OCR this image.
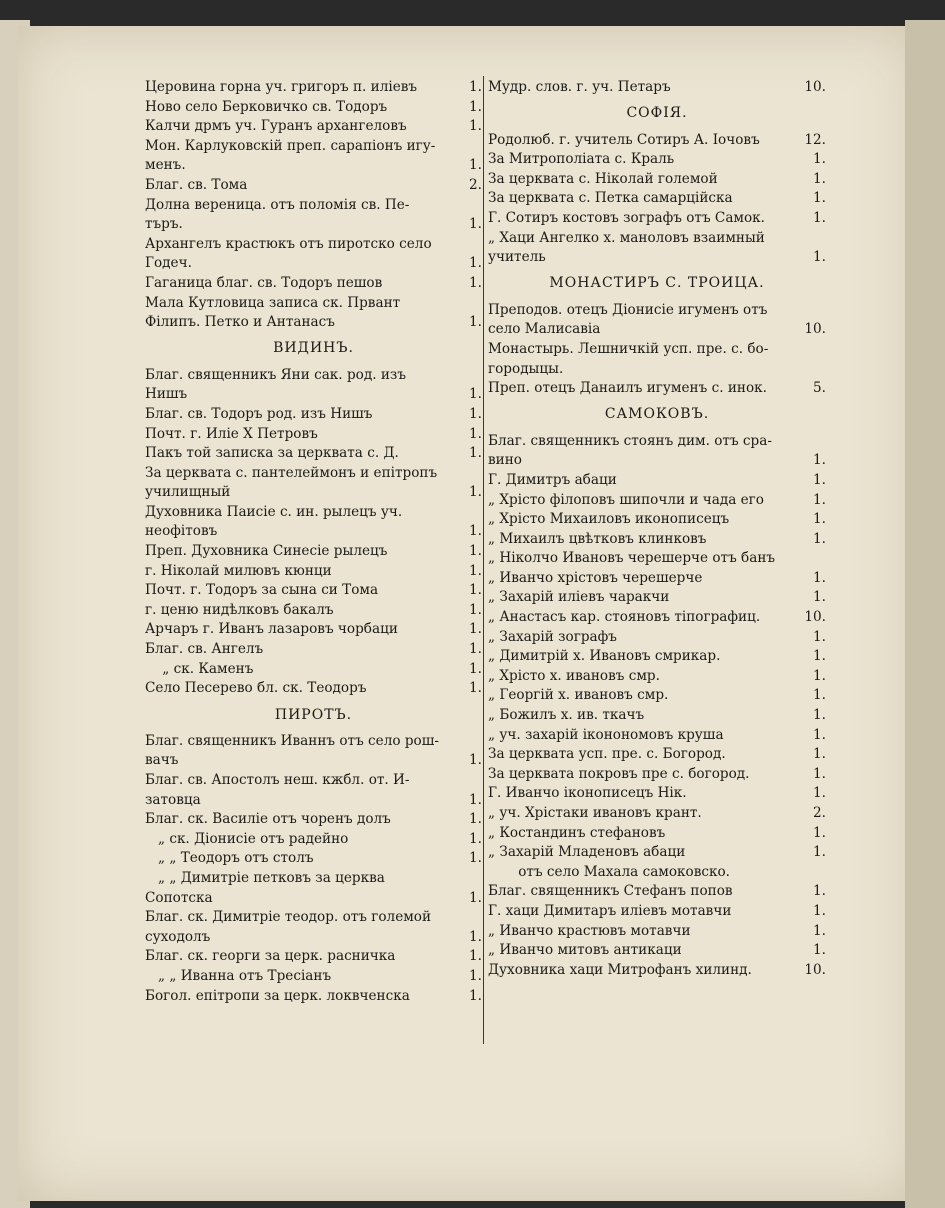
Церовина горна уч. григоръ п. иліевъ	1.
Ново село Берковичко св. Тодоръ	1.
Калчи дрмъ уч. Гуранъ архангеловъ	1.
Мон. Карлуковскій преп. сарапіонъ игу-
менъ.	1.
Благ. св. Тома	2.
Долна вереница. отъ поломія св. Пе-
търъ.	1.
Архангелъ крастюкъ отъ пиротско село
Годеч.	1.
Гаганица благ. св. Тодоръ пешов	1.
Мала Кутловица записа ск. Првант
Філипъ. Петко и Антанасъ	1.
ВИДИНЪ.
Благ. священникъ Яни сак. род. изъ
Нишъ	1.
Благ. св. Тодоръ род. изъ Нишъ	1.
Почт. г. Иліе Х Петровъ	1.
Пакъ той записка за церквата с. Д.	1.
За церквата с. пантелеймонъ и епітропъ
училищный	1.
Духовника Паисіе с. ин. рылецъ уч.
неофітовъ	1.
Преп. Духовника Синесіе рылецъ	1.
г. Ніколай милювъ кюнци	1.
Почт. г. Тодоръ за сына си Тома	1.
г. ценю нидѣлковъ бакалъ	1.
Арчаръ г. Иванъ лазаровъ чорбаци	1.
Благ. св. Ангелъ	1.
„ ск. Каменъ	1.
Село Песерево бл. ск. Теодоръ	1.
ПИРОТЪ.
Благ. священникъ Иваннъ отъ село рош-
вачъ	1.
Благ. св. Апостолъ неш. кжбл. от. И-
затовца	1.
Благ. ск. Василіе отъ чоренъ долъ	1.
„ ск. Діонисіе отъ радейно	1.
„ „ Теодоръ отъ столъ	1.
„ „ Димитріе петковъ за церква
Сопотска	1.
Благ. ск. Димитріе теодор. отъ големой
суходолъ	1.
Благ. ск. георги за церк. расничка	1.
„ „ Иванна отъ Тресіанъ	1.
Богол. епітропи за церк. локвченска	1.
Мудр. слов. г. уч. Петаръ	10.
СОФІЯ.
Родолюб. г. учитель Сотиръ А. Іочовъ	12.
За Митрополіата с. Краль	1.
За церквата с. Ніколай големой	1.
За церквата с. Петка самарційска	1.
Г. Сотиръ костовъ зографъ отъ Самок.	1.
„ Хаци Ангелко х. маноловъ взаимный
учитель	1.
МОНАСТИРЪ С. ТРОИЦА.
Преподов. отецъ Діонисіе игуменъ отъ
село Малисавіа	10.
Монастырь. Лешничкій усп. пре. с. бо-
городыцы.
Преп. отецъ Данаилъ игуменъ с. инок.	5.
САМОКОВЪ.
Благ. священникъ стоянъ дим. отъ сра-
вино	1.
Г. Димитръ абаци	1.
„ Хрісто філоповъ шипочли и чада его	1.
„ Хрісто Михаиловъ иконописецъ	1.
„ Михаилъ цвѣтковъ клинковъ	1.
„ Ніколчо Ивановъ черешерче отъ банъ
„ Иванчо хрістовъ черешерче	1.
„ Захарій иліевъ чаракчи	1.
„ Анастасъ кар. стояновъ тіпографиц.	10.
„ Захарій зографъ	1.
„ Димитрій х. Ивановъ смрикар.	1.
„ Хрісто х. ивановъ смр.	1.
„ Георгій х. ивановъ смр.	1.
„ Божилъ х. ив. ткачъ	1.
„ уч. захарій іконономовъ круша	1.
За церквата усп. пре. с. Богород.	1.
За церквата покровъ пре с. богород.	1.
Г. Иванчо іконописецъ Нік.	1.
„ уч. Хрістаки ивановъ крант.	2.
„ Костандинъ стефановъ	1.
„ Захарій Младеновъ абаци	1.
отъ село Махала самоковско.
Благ. священникъ Стефанъ попов	1.
Г. хаци Димитаръ иліевъ мотавчи	1.
„ Иванчо крастювъ мотавчи	1.
„ Иванчо митовъ антикаци	1.
Духовника хаци Митрофанъ хилинд.	10.
